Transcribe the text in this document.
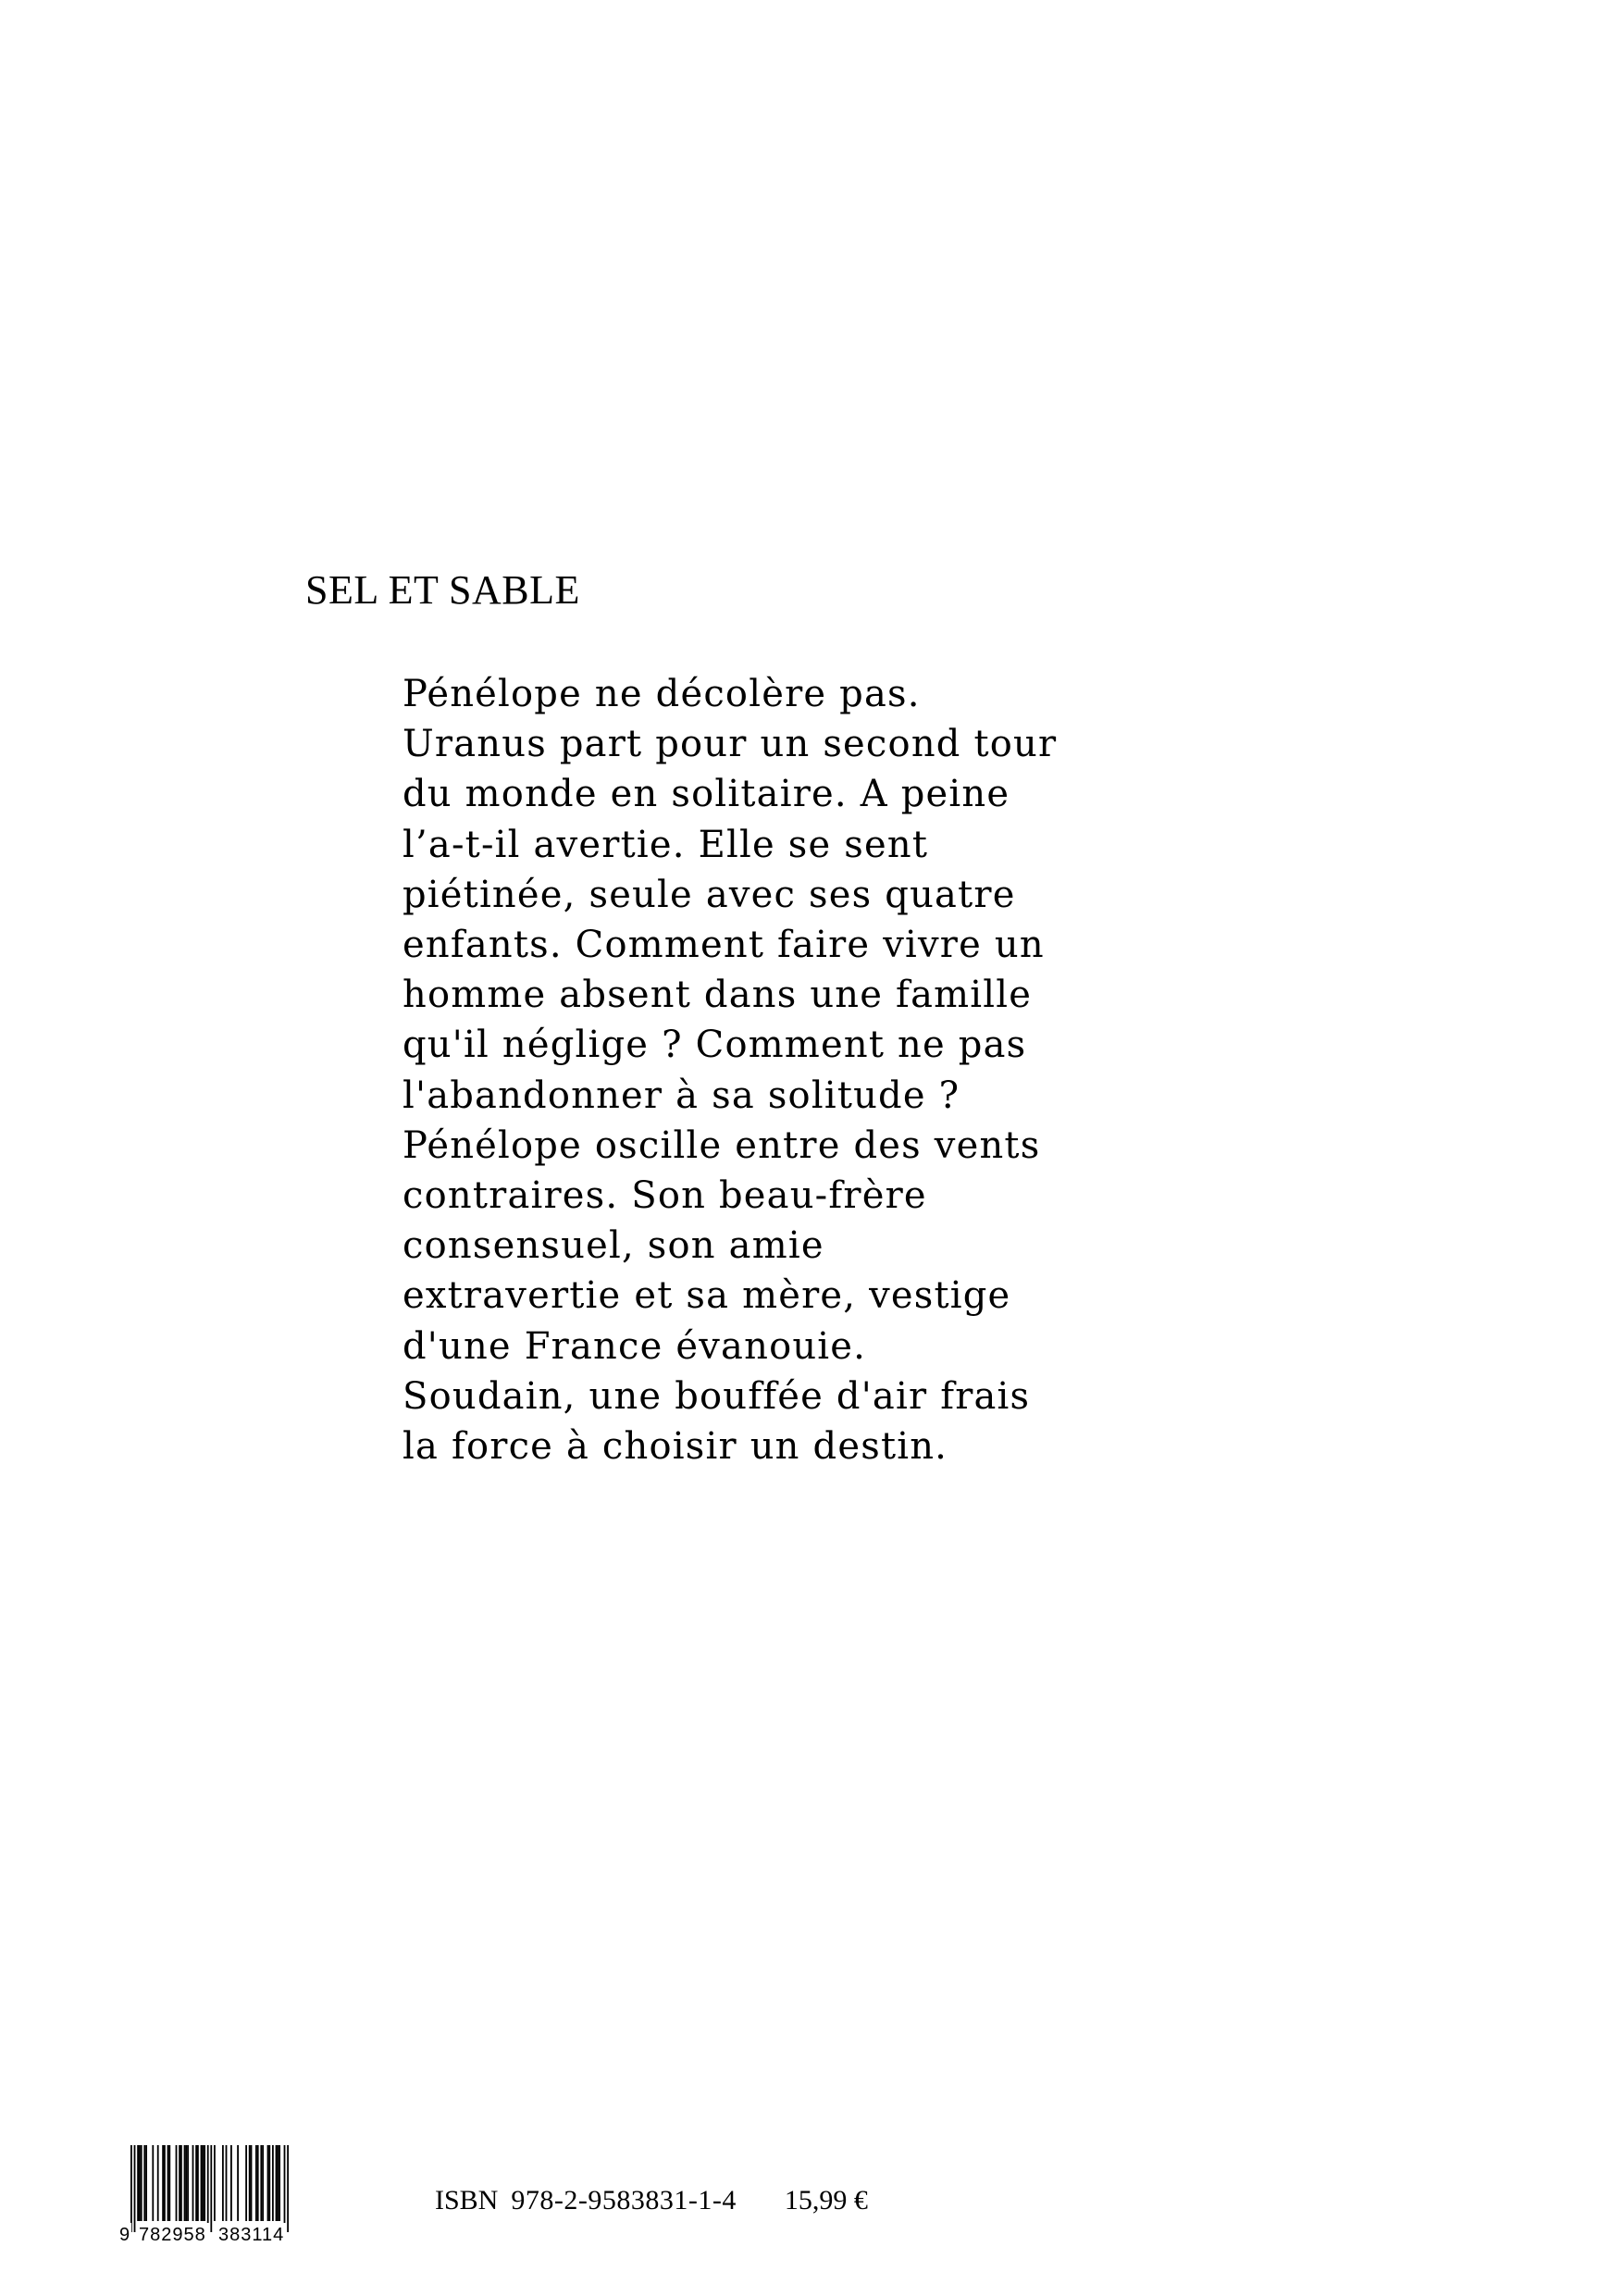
SEL ET SABLE
Pénélope ne décolère pas.
Uranus part pour un second tour
du monde en solitaire. A peine
l’a-t-il avertie. Elle se sent
piétinée, seule avec ses quatre
enfants. Comment faire vivre un
homme absent dans une famille
qu'il néglige ? Comment ne pas
l'abandonner à sa solitude ?
Pénélope oscille entre des vents
contraires. Son beau-frère
consensuel, son amie
extravertie et sa mère, vestige
d'une France évanouie.
Soudain, une bouffée d'air frais
la force à choisir un destin.
9 782958 383114
ISBN 978-2-9583831-1-4 15,99 €
